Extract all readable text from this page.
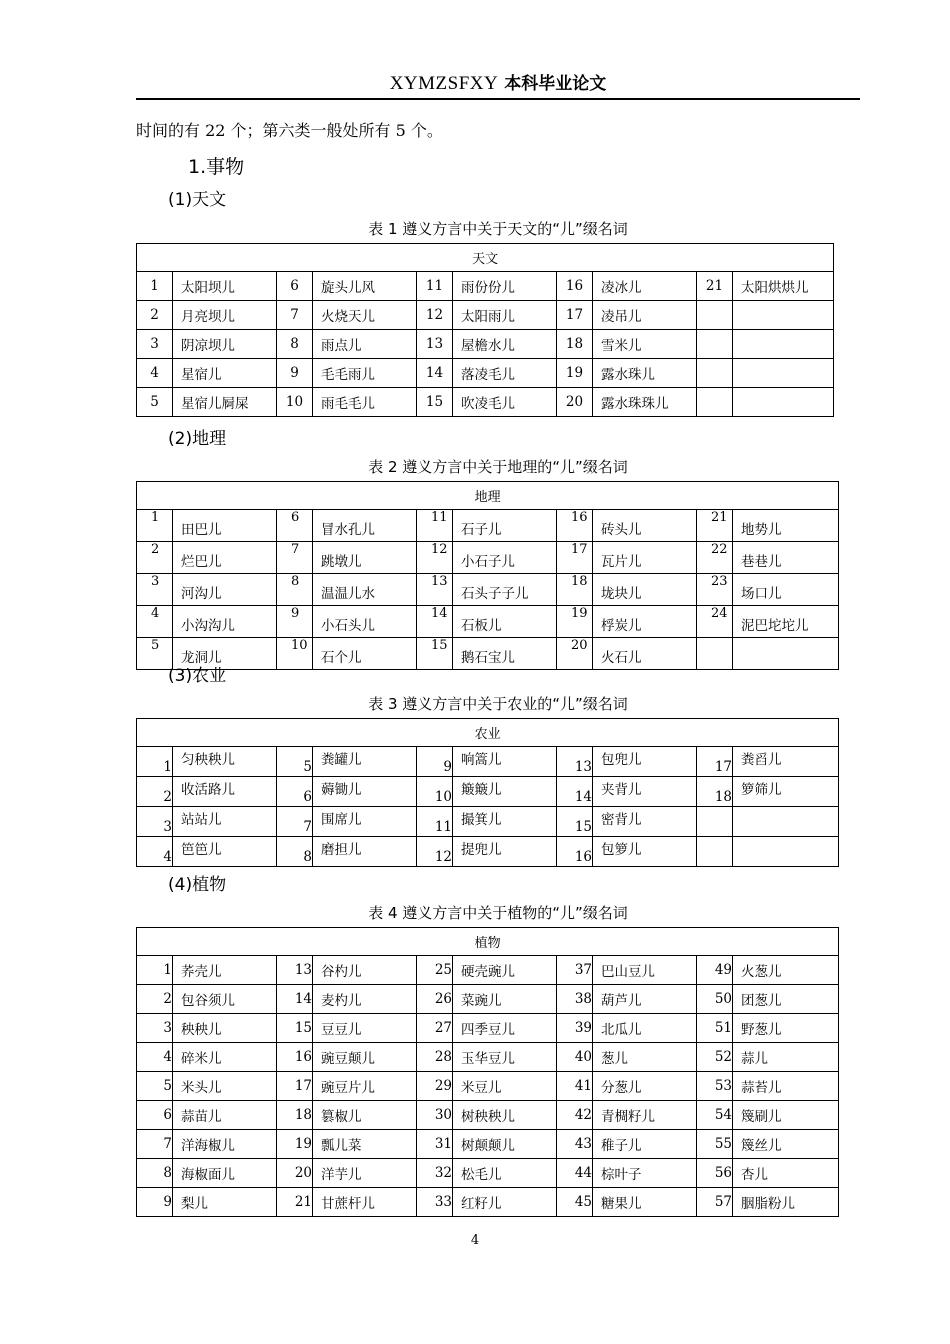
XYMZSFXY 本科毕业论文
时间的有 22 个；第六类一般处所有 5 个。
1.事物
(1)天文
表 1 遵义方言中关于天文的“儿”缀名词
天文									
1	太阳坝儿	6	旋头儿风	11	雨份份儿	16	凌冰儿	21	太阳烘烘儿
2	月亮坝儿	7	火烧天儿	12	太阳雨儿	17	凌吊儿		
3	阴凉坝儿	8	雨点儿	13	屋檐水儿	18	雪米儿		
4	星宿儿	9	毛毛雨儿	14	落凌毛儿	19	露水珠儿		
5	星宿儿屙屎	10	雨毛毛儿	15	吹凌毛儿	20	露水珠珠儿		
(2)地理
表 2 遵义方言中关于地理的“儿”缀名词
地理									
1	田巴儿	6	冒水孔儿	11	石子儿	16	砖头儿	21	地势儿
2	烂巴儿	7	跳墩儿	12	小石子儿	17	瓦片儿	22	巷巷儿
3	河沟儿	8	温温儿水	13	石头子子儿	18	垅块儿	23	场口儿
4	小沟沟儿	9	小石头儿	14	石板儿	19	桴炭儿	24	泥巴坨坨儿
5	龙洞儿	10	石个儿	15	鹅石宝儿	20	火石儿		
(3)农业
表 3 遵义方言中关于农业的“儿”缀名词
农业									
1	匀秧秧儿	5	粪罐儿	9	响篙儿	13	包兜儿	17	粪舀儿
2	收活路儿	6	薅锄儿	10	簸簸儿	14	夹背儿	18	箩筛儿
3	站站儿	7	围席儿	11	撮箕儿	15	密背儿		
4	笆笆儿	8	磨担儿	12	提兜儿	16	包箩儿		
(4)植物
表 4 遵义方言中关于植物的“儿”缀名词
植物									
1	荞壳儿	13	谷杓儿	25	硬壳豌儿	37	巴山豆儿	49	火葱儿
2	包谷须儿	14	麦杓儿	26	菜豌儿	38	葫芦儿	50	团葱儿
3	秧秧儿	15	豆豆儿	27	四季豆儿	39	北瓜儿	51	野葱儿
4	碎米儿	16	豌豆颠儿	28	玉华豆儿	40	葱儿	52	蒜儿
5	米头儿	17	豌豆片儿	29	米豆儿	41	分葱儿	53	蒜苔儿
6	蒜苗儿	18	篡椒儿	30	树秧秧儿	42	青椆籽儿	54	篾刷儿
7	洋海椒儿	19	瓢儿菜	31	树颠颠儿	43	稚子儿	55	篾丝儿
8	海椒面儿	20	洋芋儿	32	松毛儿	44	棕叶子	56	杏儿
9	梨儿	21	甘蔗杆儿	33	红籽儿	45	糖果儿	57	胭脂粉儿
4
